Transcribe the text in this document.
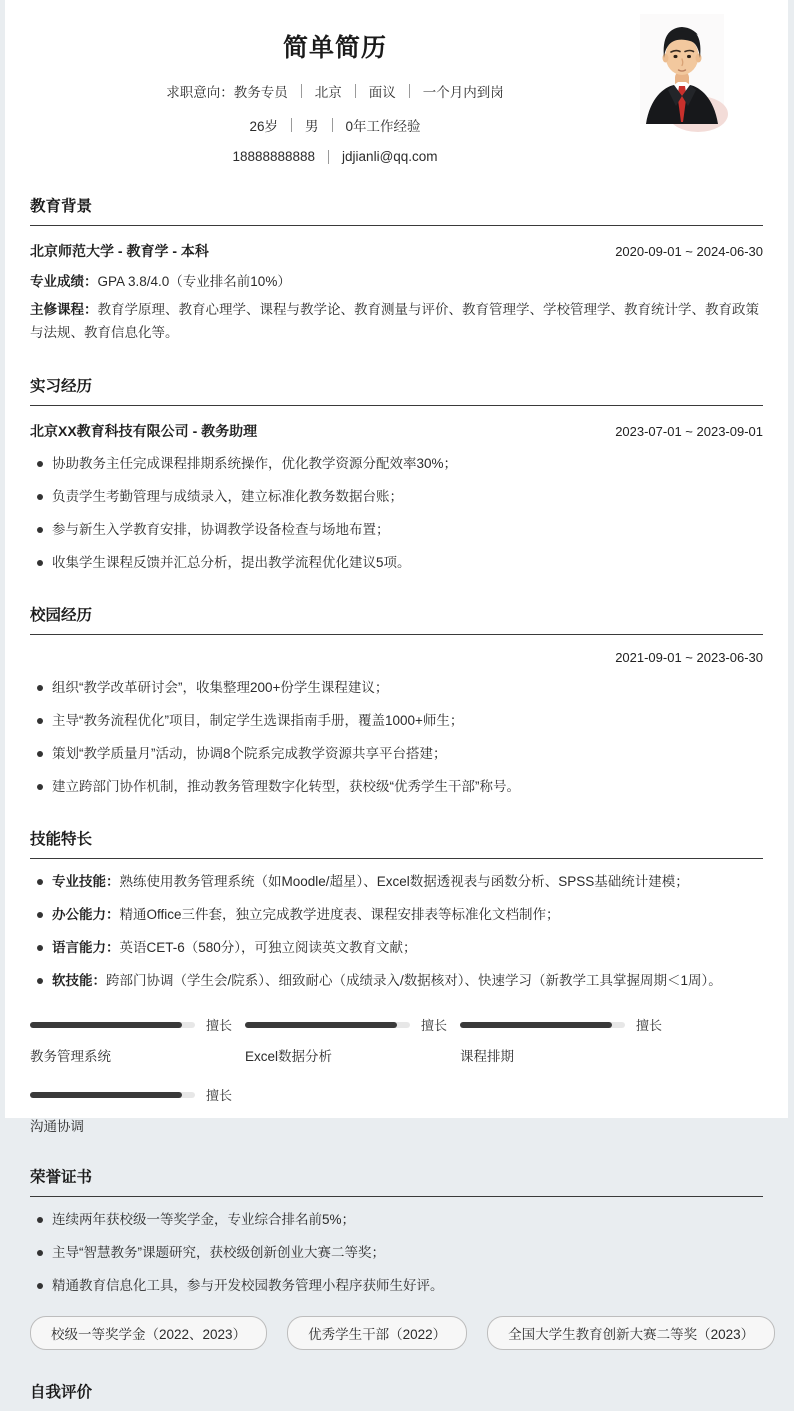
简单简历
求职意向： 教务专员 北京 面议 一个月内到岗
26岁 男 0年工作经验
18888888888 jdjianli@qq.com
教育背景
北京师范大学 - 教育学 - 本科	2020-09-01 ~ 2024-06-30
专业成绩：GPA 3.8/4.0（专业排名前10%）
主修课程：教育学原理、教育心理学、课程与教学论、教育测量与评价、教育管理学、学校管理学、教育统计学、教育政策与法规、教育信息化等。
实习经历
北京XX教育科技有限公司 - 教务助理	2023-07-01 ~ 2023-09-01
协助教务主任完成课程排期系统操作，优化教学资源分配效率30%；
负责学生考勤管理与成绩录入，建立标准化教务数据台账；
参与新生入学教育安排，协调教学设备检查与场地布置；
收集学生课程反馈并汇总分析，提出教学流程优化建议5项。
校园经历
2021-09-01 ~ 2023-06-30
组织“教学改革研讨会”，收集整理200+份学生课程建议；
主导“教务流程优化”项目，制定学生选课指南手册，覆盖1000+师生；
策划“教学质量月”活动，协调8个院系完成教学资源共享平台搭建；
建立跨部门协作机制，推动教务管理数字化转型，获校级“优秀学生干部”称号。
技能特长
专业技能：熟练使用教务管理系统（如Moodle/超星）、Excel数据透视表与函数分析、SPSS基础统计建模；
办公能力：精通Office三件套，独立完成教学进度表、课程安排表等标准化文档制作；
语言能力：英语CET-6（580分），可独立阅读英文教育文献；
软技能：跨部门协调（学生会/院系）、细致耐心（成绩录入/数据核对）、快速学习（新教学工具掌握周期＜1周）。
擅长
教务管理系统
擅长
Excel数据分析
擅长
课程排期
擅长
沟通协调
荣誉证书
连续两年获校级一等奖学金，专业综合排名前5%；
主导“智慧教务”课题研究，获校级创新创业大赛二等奖；
精通教育信息化工具，参与开发校园教务管理小程序获师生好评。
校级一等奖学金（2022、2023）	优秀学生干部（2022）	全国大学生教育创新大赛二等奖（2023）
自我评价
